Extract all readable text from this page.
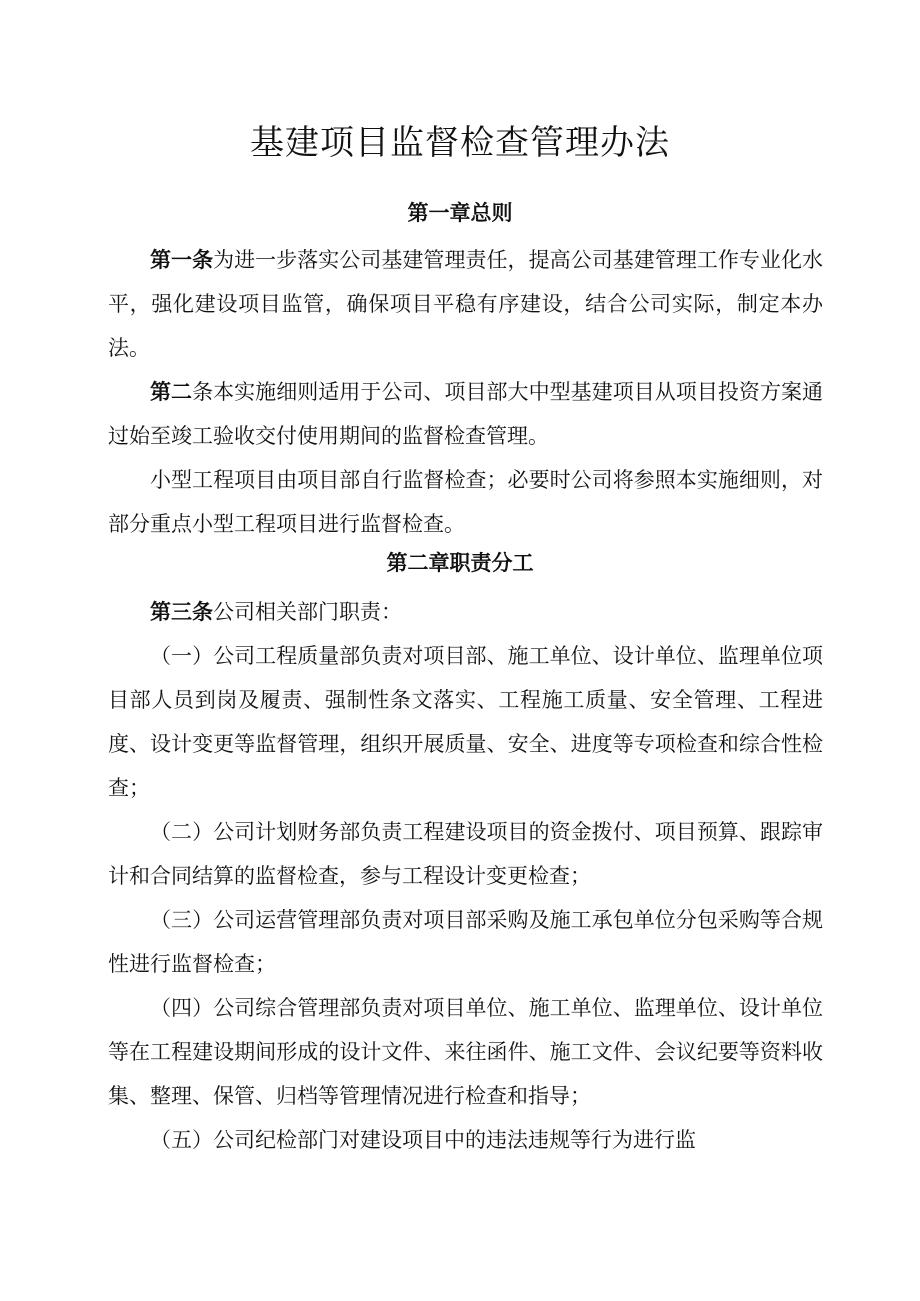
基建项目监督检查管理办法
第一章总则

第一条为进一步落实公司基建管理责任，提高公司基建管理工作专业化水平，强化建设项目监管，确保项目平稳有序建设，结合公司实际，制定本办法。

第二条本实施细则适用于公司、项目部大中型基建项目从项目投资方案通过始至竣工验收交付使用期间的监督检查管理。

小型工程项目由项目部自行监督检查；必要时公司将参照本实施细则，对部分重点小型工程项目进行监督检查。

第二章职责分工

第三条公司相关部门职责：

（一）公司工程质量部负责对项目部、施工单位、设计单位、监理单位项目部人员到岗及履责、强制性条文落实、工程施工质量、安全管理、工程进度、设计变更等监督管理，组织开展质量、安全、进度等专项检查和综合性检查；

（二）公司计划财务部负责工程建设项目的资金拨付、项目预算、跟踪审计和合同结算的监督检查，参与工程设计变更检查；

（三）公司运营管理部负责对项目部采购及施工承包单位分包采购等合规性进行监督检查；

（四）公司综合管理部负责对项目单位、施工单位、监理单位、设计单位等在工程建设期间形成的设计文件、来往函件、施工文件、会议纪要等资料收集、整理、保管、归档等管理情况进行检查和指导；

（五）公司纪检部门对建设项目中的违法违规等行为进行监
